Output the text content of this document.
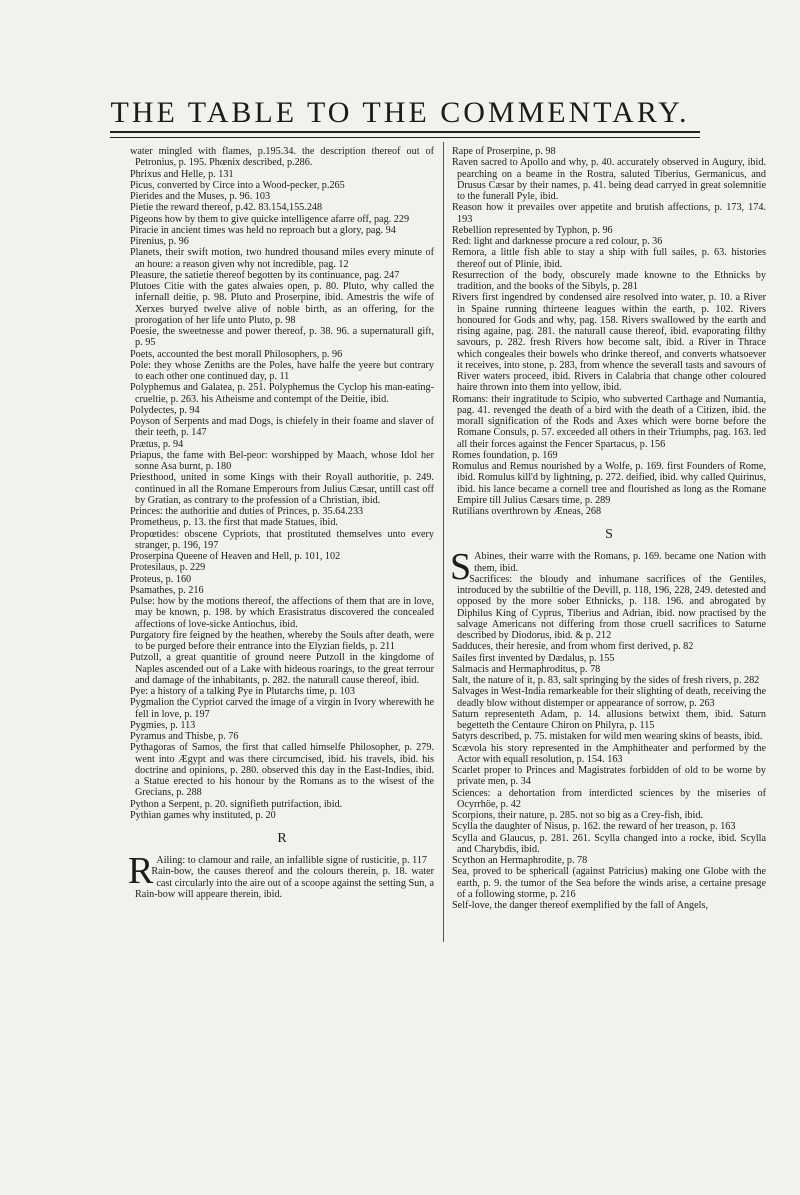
THE TABLE TO THE COMMENTARY.

water mingled with flames, p.195.34. the description thereof out of Petronius, p. 195. Phœnix described, p.286.

Phrixus and Helle, p. 131

Picus, converted by Circe into a Wood-pecker, p.265

Pierides and the Muses, p. 96. 103

Pietie the reward thereof, p.42. 83.154,155.248

Pigeons how by them to give quicke intelligence afarre off, pag. 229

Piracie in ancient times was held no reproach but a glory, pag. 94

Pirenius, p. 96

Planets, their swift motion, two hundred thousand miles every minute of an houre: a reason given why not incredible, pag. 12

Pleasure, the satietie thereof begotten by its continuance, pag. 247

Plutoes Citie with the gates alwaies open, p. 80. Pluto, why called the infernall deitie, p. 98. Pluto and Proserpine, ibid. Amestris the wife of Xerxes buryed twelve alive of noble birth, as an offering, for the prorogation of her life unto Pluto, p. 98

Poesie, the sweetnesse and power thereof, p. 38. 96. a supernaturall gift, p. 95

Poets, accounted the best morall Philosophers, p. 96

Pole: they whose Zeniths are the Poles, have halfe the yeere but contrary to each other one continued day, p. 11

Polyphemus and Galatea, p. 251. Polyphemus the Cyclop his man-eating-crueltie, p. 263. his Atheisme and contempt of the Deitie, ibid.

Polydectes, p. 94

Poyson of Serpents and mad Dogs, is chiefely in their foame and slaver of their teeth, p. 147

Prætus, p. 94

Priapus, the fame with Bel-peor: worshipped by Maach, whose Idol her sonne Asa burnt, p. 180

Priesthood, united in some Kings with their Royall authoritie, p. 249. continued in all the Romane Emperours from Julius Cæsar, untill cast off by Gratian, as contrary to the profession of a Christian, ibid.

Princes: the authoritie and duties of Princes, p. 35.64.233

Prometheus, p. 13. the first that made Statues, ibid.

Propœtides: obscene Cypriots, that prostituted themselves unto every stranger, p. 196, 197

Proserpina Queene of Heaven and Hell, p. 101, 102

Protesilaus, p. 229

Proteus, p. 160

Psamathes, p. 216

Pulse: how by the motions thereof, the affections of them that are in love, may be known, p. 198. by which Erasistratus discovered the concealed affections of love-sicke Antiochus, ibid.

Purgatory fire feigned by the heathen, whereby the Souls after death, were to be purged before their entrance into the Elyzian fields, p. 211

Putzoll, a great quantitie of ground neere Putzoll in the kingdome of Naples ascended out of a Lake with hideous roarings, to the great terrour and damage of the inhabitants, p. 282. the naturall cause thereof, ibid.

Pye: a history of a talking Pye in Plutarchs time, p. 103

Pygmalion the Cypriot carved the image of a virgin in Ivory wherewith he fell in love, p. 197

Pygmies, p. 113

Pyramus and Thisbe, p. 76

Pythagoras of Samos, the first that called himselfe Philosopher, p. 279. went into Ægypt and was there circumcised, ibid. his travels, ibid. his doctrine and opinions, p. 280. observed this day in the East-Indies, ibid. a Statue erected to his honour by the Romans as to the wisest of the Grecians, p. 288

Python a Serpent, p. 20. signifieth putrifaction, ibid.

Pythian games why instituted, p. 20

R

R Ailing: to clamour and raile, an infallible signe of rusticitie, p. 117

Rain-bow, the causes thereof and the colours therein, p. 18. water cast circularly into the aire out of a scoope against the setting Sun, a Rain-bow will appeare therein, ibid.

Rape of Proserpine, p. 98

Raven sacred to Apollo and why, p. 40. accurately observed in Augury, ibid. pearching on a beame in the Rostra, saluted Tiberius, Germanicus, and Drusus Cæsar by their names, p. 41. being dead carryed in great solemnitie to the funerall Pyle, ibid.

Reason how it prevailes over appetite and brutish affections, p. 173, 174. 193

Rebellion represented by Typhon, p. 96

Red: light and darknesse procure a red colour, p. 36

Remora, a little fish able to stay a ship with full sailes, p. 63. histories thereof out of Plinie, ibid.

Resurrection of the body, obscurely made knowne to the Ethnicks by tradition, and the books of the Sibyls, p. 281

Rivers first ingendred by condensed aire resolved into water, p. 10. a River in Spaine running thirteene leagues within the earth, p. 102. Rivers honoured for Gods and why, pag. 158. Rivers swallowed by the earth and rising againe, pag. 281. the naturall cause thereof, ibid. evaporating filthy savours, p. 282. fresh Rivers how become salt, ibid. a River in Thrace which congeales their bowels who drinke thereof, and converts whatsoever it receives, into stone, p. 283, from whence the severall tasts and savours of River waters proceed, ibid. Rivers in Calabria that change other coloured haire thrown into them into yellow, ibid.

Romans: their ingratitude to Scipio, who subverted Carthage and Numantia, pag. 41. revenged the death of a bird with the death of a Citizen, ibid. the morall signification of the Rods and Axes which were borne before the Romane Consuls, p. 57. exceeded all others in their Triumphs, pag. 163. led all their forces against the Fencer Spartacus, p. 156

Romes foundation, p. 169

Romulus and Remus nourished by a Wolfe, p. 169. first Founders of Rome, ibid. Romulus kill'd by lightning, p. 272. deified, ibid. why called Quirinus, ibid. his lance became a cornell tree and flourished as long as the Romane Empire till Julius Cæsars time, p. 289

Rutilians overthrown by Æneas, 268

S

S Abines, their warre with the Romans, p. 169. became one Nation with them, ibid.

Sacrifices: the bloudy and inhumane sacrifices of the Gentiles, introduced by the subtiltie of the Devill, p. 118, 196, 228, 249. detested and opposed by the more sober Ethnicks, p. 118. 196. and abrogated by Diphilus King of Cyprus, Tiberius and Adrian, ibid. now practised by the salvage Americans not differing from those cruell sacrifices to Saturne described by Diodorus, ibid. & p. 212

Sadduces, their heresie, and from whom first derived, p. 82

Sailes first invented by Dædalus, p. 155

Salmacis and Hermaphroditus, p. 78

Salt, the nature of it, p. 83, salt springing by the sides of fresh rivers, p. 282

Salvages in West-India remarkeable for their slighting of death, receiving the deadly blow without distemper or appearance of sorrow, p. 263

Saturn representeth Adam, p. 14. allusions betwixt them, ibid. Saturn begetteth the Centaure Chiron on Philyra, p. 115

Satyrs described, p. 75. mistaken for wild men wearing skins of beasts, ibid.

Scævola his story represented in the Amphitheater and performed by the Actor with equall resolution, p. 154. 163

Scarlet proper to Princes and Magistrates forbidden of old to be worne by private men, p. 34

Sciences: a dehortation from interdicted sciences by the miseries of Ocyrrhöe, p. 42

Scorpions, their nature, p. 285. not so big as a Crey-fish, ibid.

Scylla the daughter of Nisus, p. 162. the reward of her treason, p. 163

Scylla and Glaucus, p. 281. 261. Scylla changed into a rocke, ibid. Scylla and Charybdis, ibid.

Scython an Hermaphrodite, p. 78

Sea, proved to be sphericall (against Patricius) making one Globe with the earth, p. 9. the tumor of the Sea before the winds arise, a certaine presage of a following storme, p. 216

Self-love, the danger thereof exemplified by the fall of Angels,
